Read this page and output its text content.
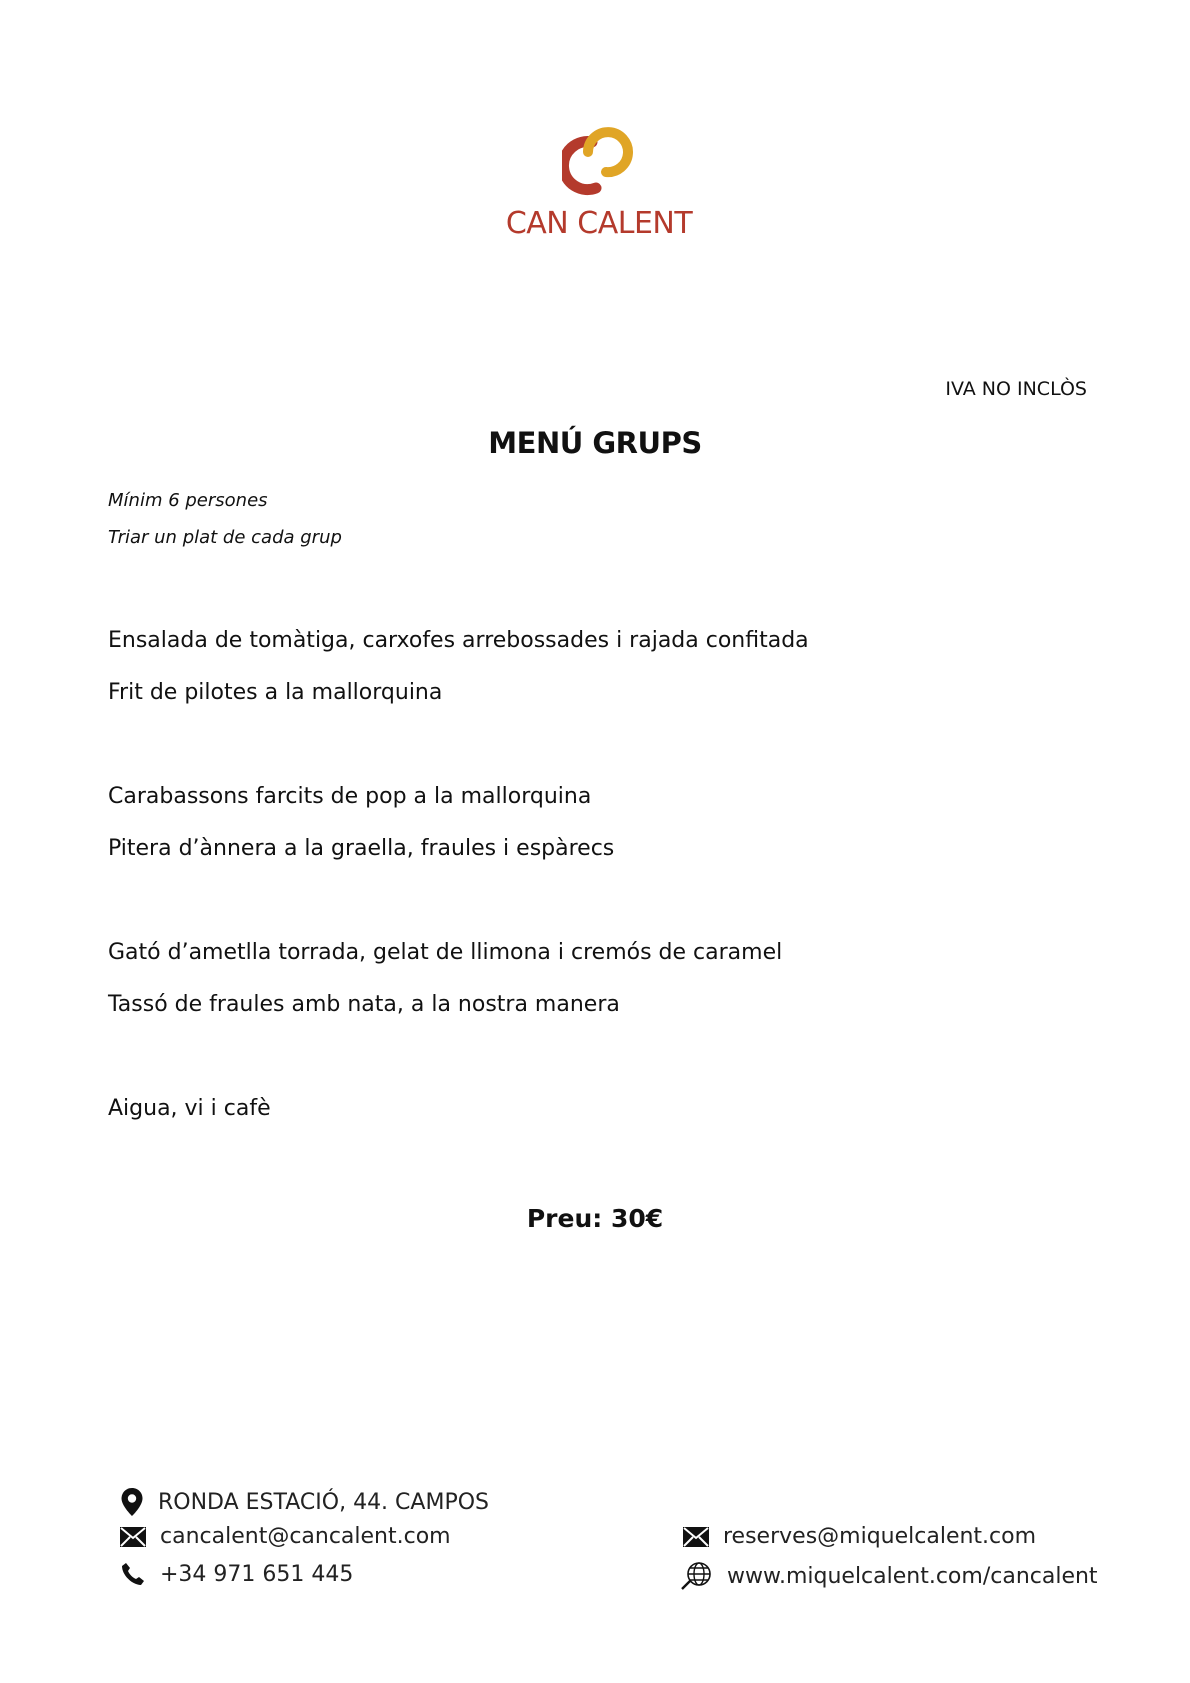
CAN CALENT
IVA NO INCLÒS
MENÚ GRUPS
Mínim 6 persones
Triar un plat de cada grup
Ensalada de tomàtiga, carxofes arrebossades i rajada confitada
Frit de pilotes a la mallorquina
Carabassons farcits de pop a la mallorquina
Pitera d’ànnera a la graella, fraules i espàrecs
Gató d’ametlla torrada, gelat de llimona i cremós de caramel
Tassó de fraules amb nata, a la nostra manera
Aigua, vi i cafè
Preu: 30€
RONDA ESTACIÓ, 44. CAMPOS
cancalent@cancalent.com
+34 971 651 445
reserves@miquelcalent.com
www.miquelcalent.com/cancalent
